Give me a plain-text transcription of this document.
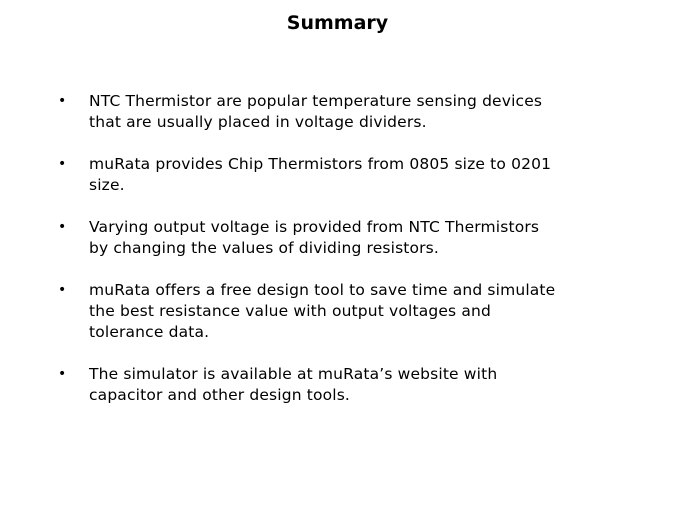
Summary
• NTC Thermistor are popular temperature sensing devices
that are usually placed in voltage dividers.
• muRata provides Chip Thermistors from 0805 size to 0201
size.
• Varying output voltage is provided from NTC Thermistors
by changing the values of dividing resistors.
• muRata offers a free design tool to save time and simulate
the best resistance value with output voltages and
tolerance data.
• The simulator is available at muRata’s website with
capacitor and other design tools.
